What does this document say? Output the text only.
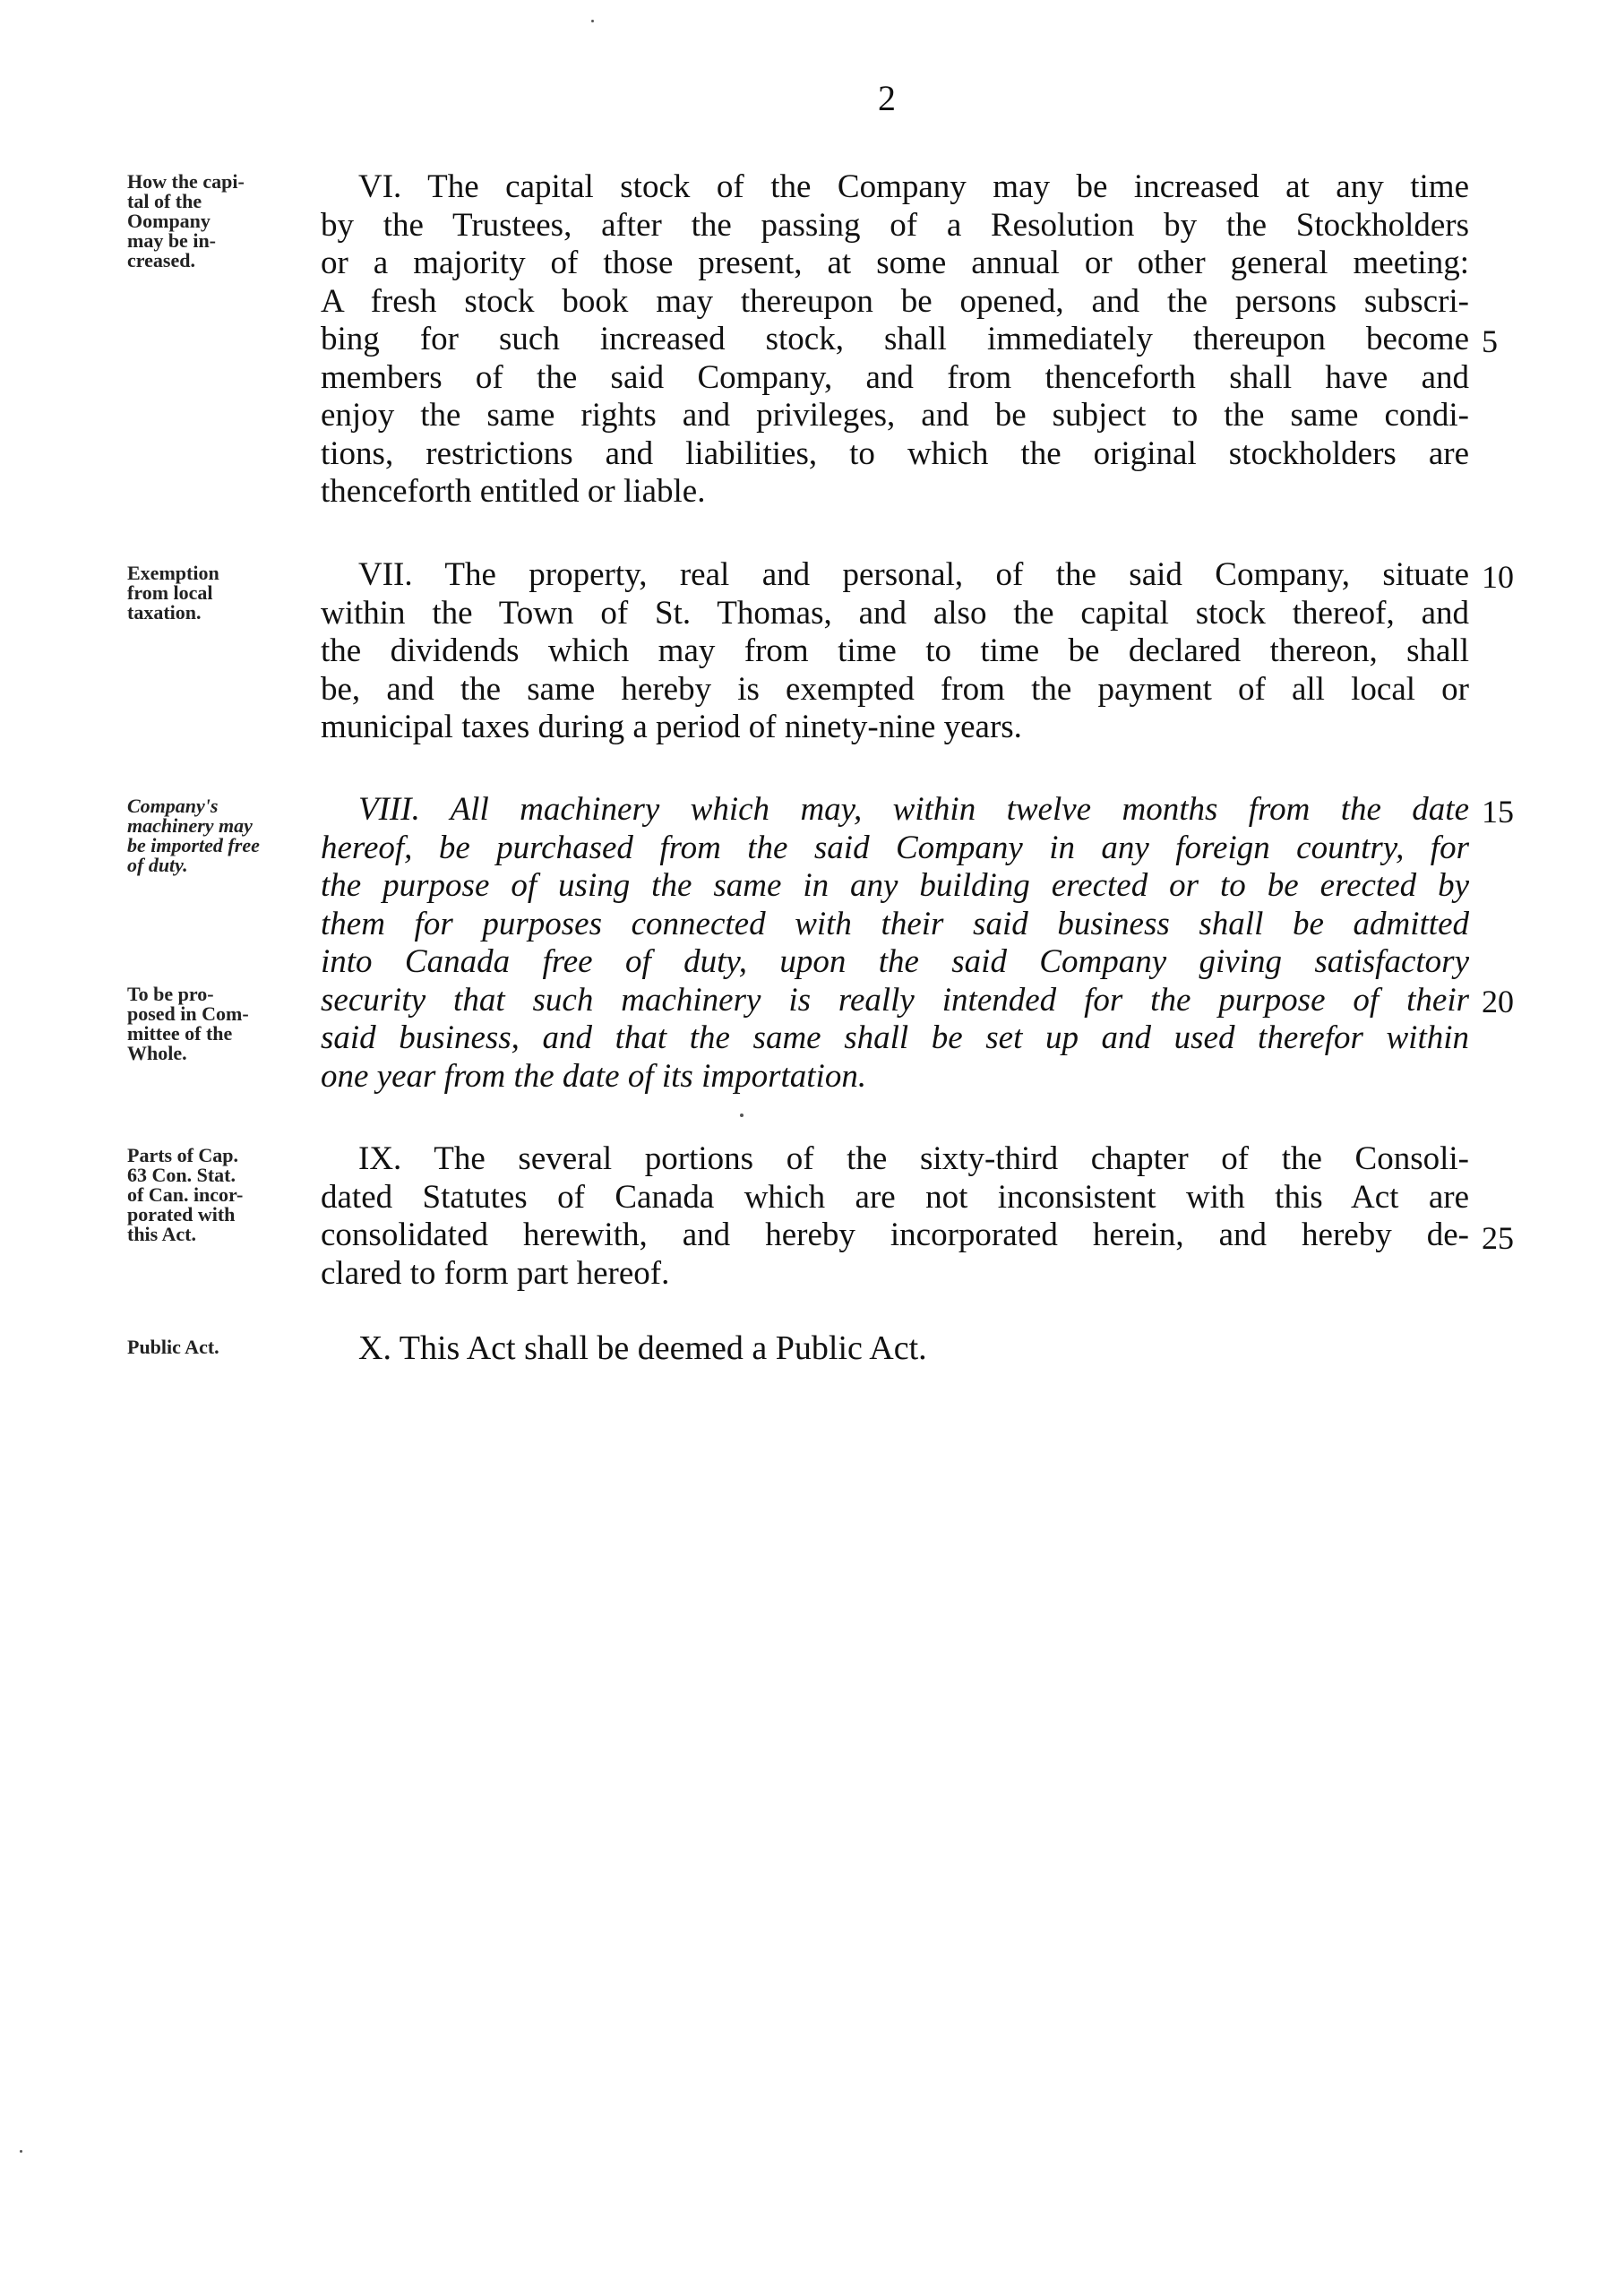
2
How the capi-
tal of the
Oompany
may be in-
creased.
VI. The capital stock of the Company may be increased at any time
by the Trustees, after the passing of a Resolution by the Stockholders
or a majority of those present, at some annual or other general meeting:
A fresh stock book may thereupon be opened, and the persons subscri-
bing for such increased stock, shall immediately thereupon become
members of the said Company, and from thenceforth shall have and
enjoy the same rights and privileges, and be subject to the same condi-
tions, restrictions and liabilities, to which the original stockholders are
thenceforth entitled or liable.
5
Exemption
from local
taxation.
VII. The property, real and personal, of the said Company, situate
within the Town of St. Thomas, and also the capital stock thereof, and
the dividends which may from time to time be declared thereon, shall
be, and the same hereby is exempted from the payment of all local or
municipal taxes during a period of ninety-nine years.
10
Company's
machinery may
be imported free
of duty.
To be pro-
posed in Com-
mittee of the
Whole.
VIII. All machinery which may, within twelve months from the date
hereof, be purchased from the said Company in any foreign country, for
the purpose of using the same in any building erected or to be erected by
them for purposes connected with their said business shall be admitted
into Canada free of duty, upon the said Company giving satisfactory
security that such machinery is really intended for the purpose of their
said business, and that the same shall be set up and used therefor within
one year from the date of its importation.
15
20
Parts of Cap.
63 Con. Stat.
of Can. incor-
porated with
this Act.
IX. The several portions of the sixty-third chapter of the Consoli-
dated Statutes of Canada which are not inconsistent with this Act are
consolidated herewith, and hereby incorporated herein, and hereby de-
clared to form part hereof.
25
Public Act.	X. This Act shall be deemed a Public Act.
